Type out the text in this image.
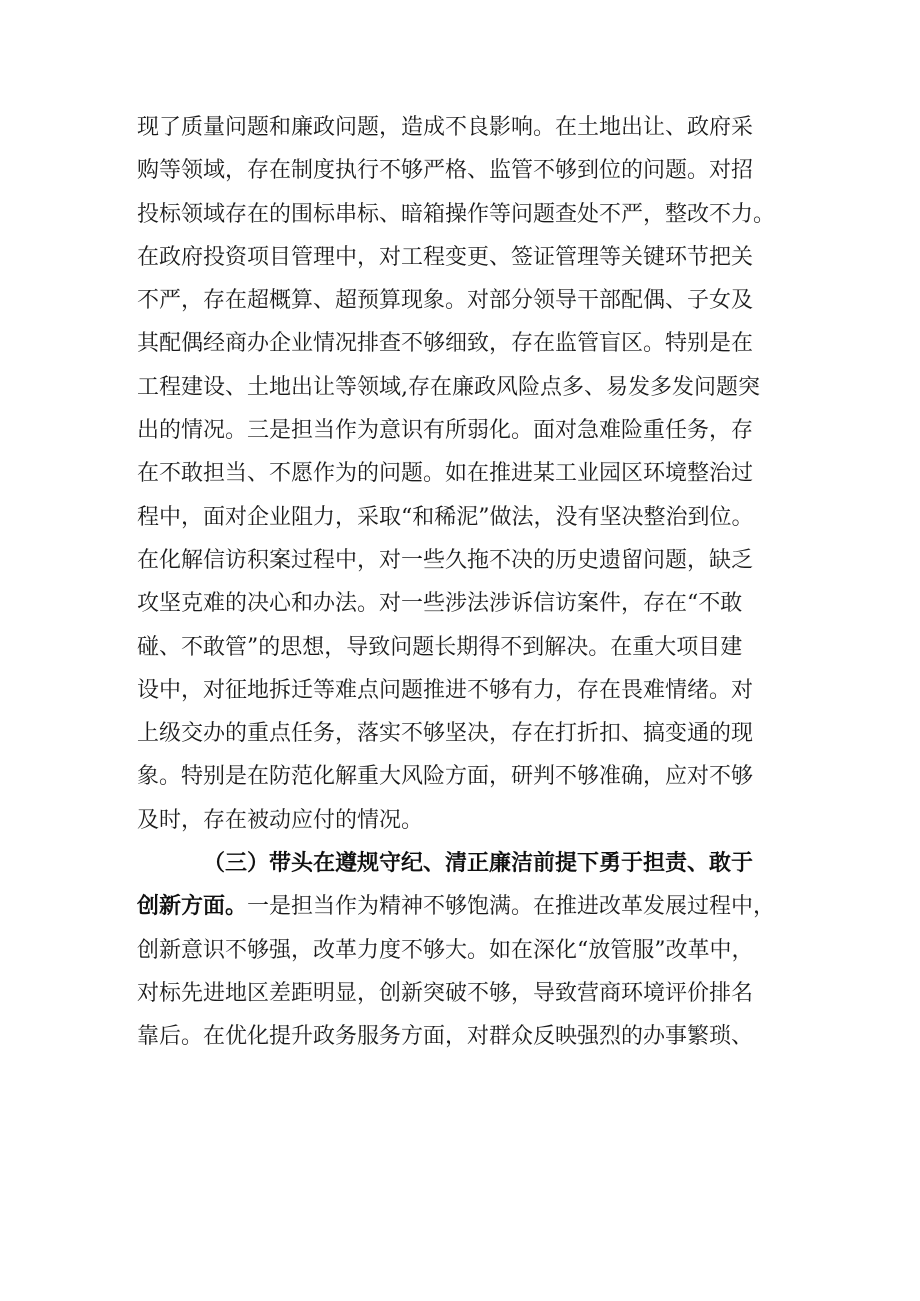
现了质量问题和廉政问题，造成不良影响。在土地出让、政府采
购等领域，存在制度执行不够严格、监管不够到位的问题。对招
投标领域存在的围标串标、暗箱操作等问题查处不严，整改不力。
在政府投资项目管理中，对工程变更、签证管理等关键环节把关
不严，存在超概算、超预算现象。对部分领导干部配偶、子女及
其配偶经商办企业情况排查不够细致，存在监管盲区。特别是在
工程建设、土地出让等领域,存在廉政风险点多、易发多发问题突
出的情况。三是担当作为意识有所弱化。面对急难险重任务，存
在不敢担当、不愿作为的问题。如在推进某工业园区环境整治过
程中，面对企业阻力，采取“和稀泥”做法，没有坚决整治到位。
在化解信访积案过程中，对一些久拖不决的历史遗留问题，缺乏
攻坚克难的决心和办法。对一些涉法涉诉信访案件，存在“不敢
碰、不敢管”的思想，导致问题长期得不到解决。在重大项目建
设中，对征地拆迁等难点问题推进不够有力，存在畏难情绪。对
上级交办的重点任务，落实不够坚决，存在打折扣、搞变通的现
象。特别是在防范化解重大风险方面，研判不够准确，应对不够
及时，存在被动应付的情况。
（三）带头在遵规守纪、清正廉洁前提下勇于担责、敢于
创新方面。一是担当作为精神不够饱满。在推进改革发展过程中，
创新意识不够强，改革力度不够大。如在深化“放管服”改革中，
对标先进地区差距明显，创新突破不够，导致营商环境评价排名
靠后。在优化提升政务服务方面，对群众反映强烈的办事繁琐、
